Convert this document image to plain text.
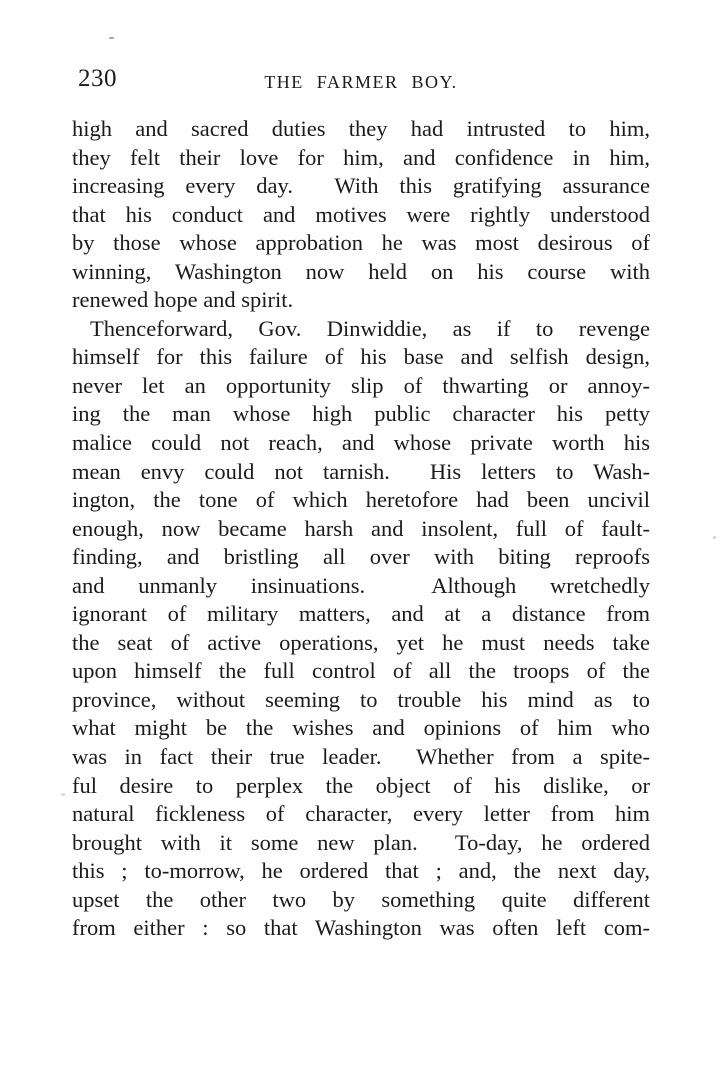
230	THE FARMER BOY.
high and sacred duties they had intrusted to him,
they felt their love for him, and confidence in him,
increasing every day.  With this gratifying assurance
that his conduct and motives were rightly understood
by those whose approbation he was most desirous of
winning, Washington now held on his course with
renewed hope and spirit.
Thenceforward, Gov. Dinwiddie, as if to revenge
himself for this failure of his base and selfish design,
never let an opportunity slip of thwarting or annoy-
ing the man whose high public character his petty
malice could not reach, and whose private worth his
mean envy could not tarnish.  His letters to Wash-
ington, the tone of which heretofore had been uncivil
enough, now became harsh and insolent, full of fault-
finding, and bristling all over with biting reproofs
and unmanly insinuations.  Although wretchedly
ignorant of military matters, and at a distance from
the seat of active operations, yet he must needs take
upon himself the full control of all the troops of the
province, without seeming to trouble his mind as to
what might be the wishes and opinions of him who
was in fact their true leader.  Whether from a spite-
ful desire to perplex the object of his dislike, or
natural fickleness of character, every letter from him
brought with it some new plan.  To-day, he ordered
this ; to-morrow, he ordered that ; and, the next day,
upset the other two by something quite different
from either : so that Washington was often left com-
